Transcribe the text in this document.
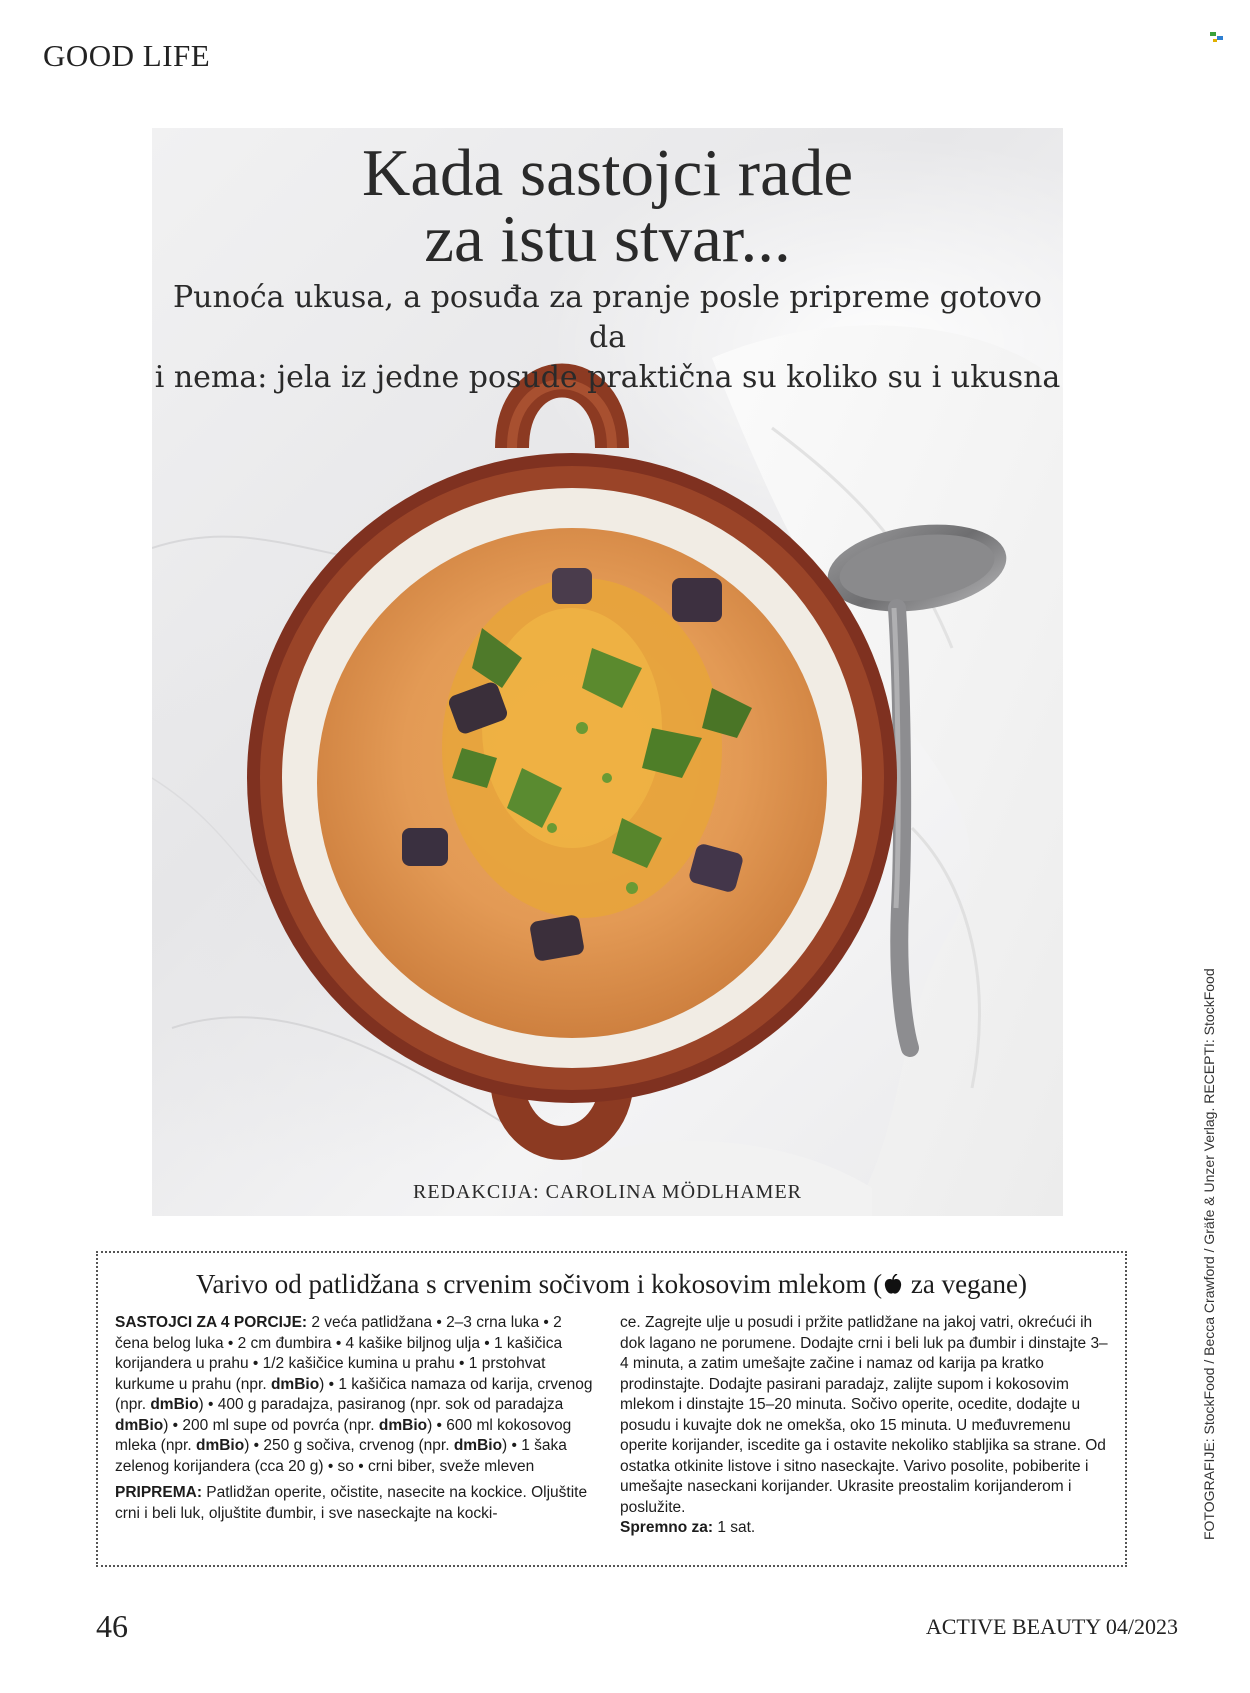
GOOD LIFE
Kada sastojci rade
za istu stvar...

Punoća ukusa, a posuđa za pranje posle pripreme gotovo da
i nema: jela iz jedne posude praktična su koliko su i ukusna

REDAKCIJA: CAROLINA MÖDLHAMER
Varivo od patlidžana s crvenim sočivom i kokosovim mlekom ( za vegane)

SASTOJCI ZA 4 PORCIJE: 2 veća patlidžana • 2–3 crna luka • 2 čena belog luka • 2 cm đumbira • 4 kašike biljnog ulja • 1 kašičica korijandera u prahu • 1/2 kašičice kumina u prahu • 1 prstohvat kurkume u prahu (npr. dmBio) • 1 kašičica namaza od karija, crvenog (npr. dmBio) • 400 g paradajza, pasiranog (npr. sok od paradajza dmBio) • 200 ml supe od povrća (npr. dmBio) • 600 ml kokosovog mleka (npr. dmBio) • 250 g sočiva, crvenog (npr. dmBio) • 1 šaka zelenog korijandera (cca 20 g) • so • crni biber, sveže mleven

PRIPREMA: Patlidžan operite, očistite, nasecite na kockice. Oljuštite crni i beli luk, oljuštite đumbir, i sve naseckajte na kocki-

ce. Zagrejte ulje u posudi i pržite patlidžane na jakoj vatri, okrećući ih dok lagano ne porumene. Dodajte crni i beli luk pa đumbir i dinstajte 3–4 minuta, a zatim umešajte začine i namaz od karija pa kratko prodinstajte. Dodajte pasirani paradajz, zalijte supom i kokosovim mlekom i dinstajte 15–20 minuta. Sočivo operite, ocedite, dodajte u posudu i kuvajte dok ne omekša, oko 15 minuta. U međuvremenu operite korijander, iscedite ga i ostavite nekoliko stabljika sa strane. Od ostatka otkinite listove i sitno naseckajte. Varivo posolite, pobiberite i umešajte naseckani korijander. Ukrasite preostalim korijanderom i poslužite.

Spremno za: 1 sat.	FOTOGRAFIJE: StockFood / Becca Crawford / Gräfe & Unzer Verlag. RECEPTI: StockFood
46	ACTIVE BEAUTY 04/2023
